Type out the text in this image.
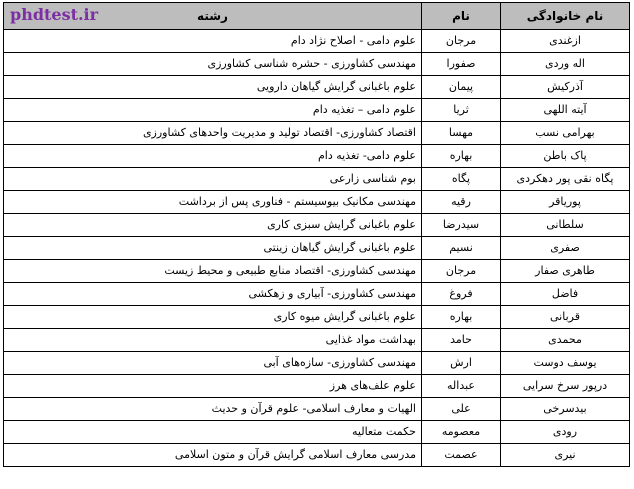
نام خانوادگی	نام	رشته
phdtest.ir

ازغندی	مرجان	علوم دامی - اصلاح نژاد دام
اله وردی	صفورا	مهندسی کشاورزی - حشره شناسی کشاورزی
آذرکیش	پیمان	علوم باغبانی گرایش گیاهان دارویی
آیته اللهی	ثریا	علوم دامی – تغذیه دام
بهرامی نسب	مهسا	اقتصاد کشاورزی- اقتصاد تولید و مدیریت واحدهای کشاورزی
پاک باطن	بهاره	علوم دامی- تغذیه دام
پگاه نقی پور دهکردی	پگاه	بوم شناسی زارعی
پوریاقر	رقیه	مهندسی مکانیک بیوسیستم - فناوری پس از برداشت
سلطانی	سیدرضا	علوم باغبانی گرایش سبزی کاری
صفری	نسیم	علوم باغبانی گرایش گیاهان زینتی
طاهری صفار	مرجان	مهندسی کشاورزی- اقتصاد منابع طبیعی و محیط زیست
فاضل	فروغ	مهندسی کشاورزی- آبیاری و زهکشی
قربانی	بهاره	علوم باغبانی گرایش میوه کاری
محمدی	حامد	بهداشت مواد غذایی
یوسف دوست	ارش	مهندسی کشاورزی- سازه‌های آبی
درپور سرخ سرایی	عبداله	علوم علف‌های هرز
بیدسرخی	علی	الهیات و معارف اسلامی- علوم قرآن و حدیث
رودی	معصومه	حکمت متعالیه
نیری	عصمت	مدرسی معارف اسلامی گرایش قرآن و متون اسلامی
